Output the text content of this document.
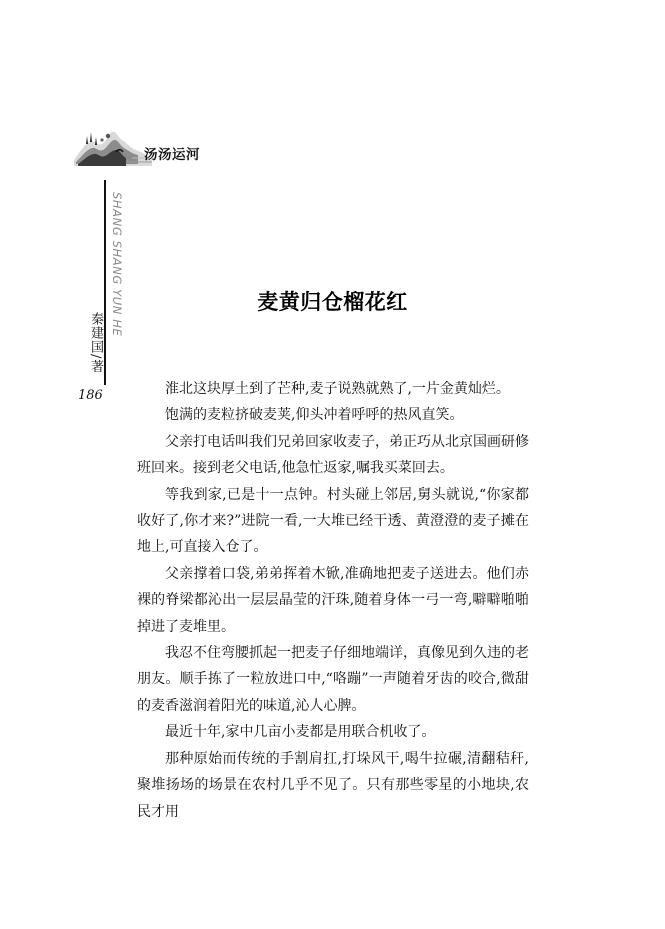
汤汤运河
SHANG SHANG YUN HE
秦建国/著
186
麦黄归仓榴花红

淮北这块厚土到了芒种,麦子说熟就熟了,一片金黄灿烂。

饱满的麦粒挤破麦荚,仰头冲着呼呼的热风直笑。

父亲打电话叫我们兄弟回家收麦子，弟正巧从北京国画研修班回来。接到老父电话,他急忙返家,嘱我买菜回去。

等我到家,已是十一点钟。村头碰上邻居,舅头就说,“你家都收好了,你才来?”进院一看,一大堆已经干透、黄澄澄的麦子摊在地上,可直接入仓了。

父亲撑着口袋,弟弟挥着木锨,准确地把麦子送进去。他们赤裸的脊梁都沁出一层层晶莹的汗珠,随着身体一弓一弯,噼噼啪啪掉进了麦堆里。

我忍不住弯腰抓起一把麦子仔细地端详，真像见到久违的老朋友。顺手拣了一粒放进口中,“咯蹦”一声随着牙齿的咬合,微甜的麦香滋润着阳光的味道,沁人心脾。

最近十年,家中几亩小麦都是用联合机收了。

那种原始而传统的手割肩扛,打垛风干,喝牛拉碾,清翻秸秆,聚堆扬场的场景在农村几乎不见了。只有那些零星的小地块,农民才用
